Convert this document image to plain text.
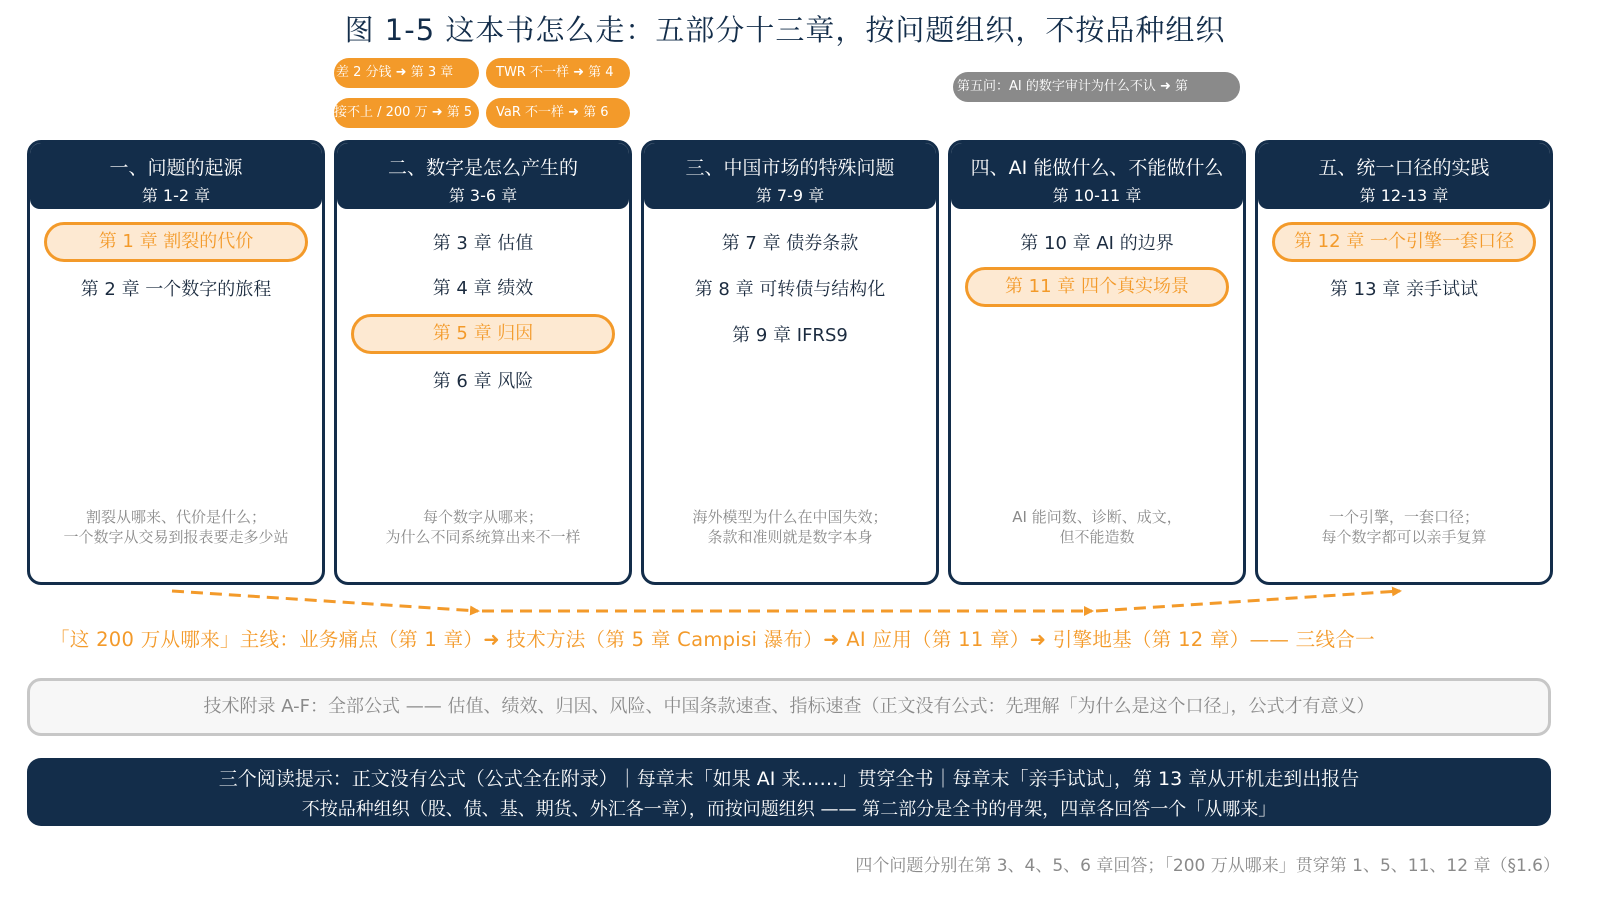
图 1-5 这本书怎么走：五部分十三章，按问题组织，不按品种组织
差 2 分钱 ➜ 第 3 章	TWR 不一样 ➜ 第 4
接不上 / 200 万 ➜ 第 5	VaR 不一样 ➜ 第 6
第五问：AI 的数字审计为什么不认 ➜ 第
一、问题的起源
第 1-2 章
第 1 章 割裂的代价
第 2 章 一个数字的旅程
割裂从哪来、代价是什么；
一个数字从交易到报表要走多少站
二、数字是怎么产生的
第 3-6 章
第 3 章 估值
第 4 章 绩效
第 5 章 归因
第 6 章 风险
每个数字从哪来；
为什么不同系统算出来不一样
三、中国市场的特殊问题
第 7-9 章
第 7 章 债券条款
第 8 章 可转债与结构化
第 9 章 IFRS9
海外模型为什么在中国失效；
条款和准则就是数字本身
四、AI 能做什么、不能做什么
第 10-11 章
第 10 章 AI 的边界
第 11 章 四个真实场景
AI 能问数、诊断、成文，
但不能造数
五、统一口径的实践
第 12-13 章
第 12 章 一个引擎一套口径
第 13 章 亲手试试
一个引擎，一套口径；
每个数字都可以亲手复算
「这 200 万从哪来」主线：业务痛点（第 1 章）➜ 技术方法（第 5 章 Campisi 瀑布）➜ AI 应用（第 11 章）➜ 引擎地基（第 12 章）—— 三线合一
技术附录 A-F：全部公式 —— 估值、绩效、归因、风险、中国条款速查、指标速查（正文没有公式：先理解「为什么是这个口径」，公式才有意义）
三个阅读提示：正文没有公式（公式全在附录）｜每章末「如果 AI 来……」贯穿全书｜每章末「亲手试试」，第 13 章从开机走到出报告
不按品种组织（股、债、基、期货、外汇各一章），而按问题组织 —— 第二部分是全书的骨架，四章各回答一个「从哪来」
四个问题分别在第 3、4、5、6 章回答；「200 万从哪来」贯穿第 1、5、11、12 章（§1.6）
